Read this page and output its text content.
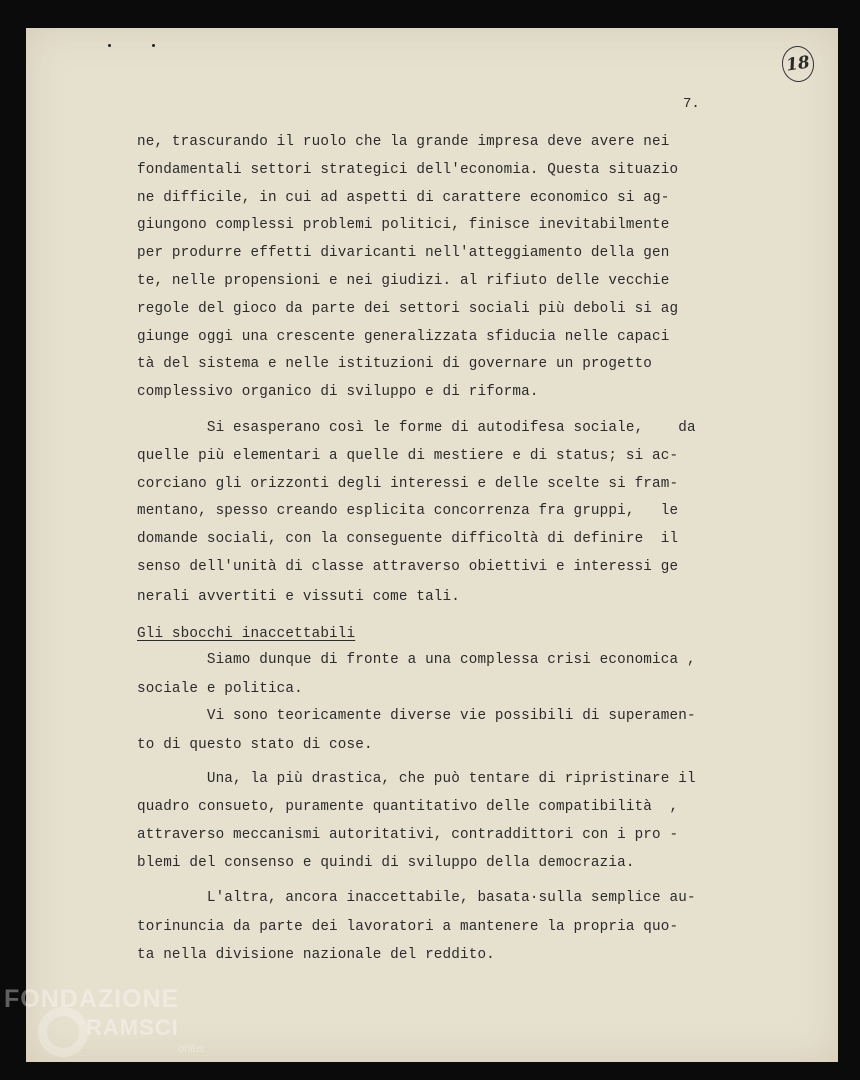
18
7.
ne, trascurando il ruolo che la grande impresa deve avere nei
fondamentali settori strategici dell'economia. Questa situazio
ne difficile, in cui ad aspetti di carattere economico si ag-
giungono complessi problemi politici, finisce inevitabilmente
per produrre effetti divaricanti nell'atteggiamento della gen
te, nelle propensioni e nei giudizi. al rifiuto delle vecchie
regole del gioco da parte dei settori sociali più deboli si ag
giunge oggi una crescente generalizzata sfiducia nelle capaci
tà del sistema e nelle istituzioni di governare un progetto
complessivo organico di sviluppo e di riforma.
Si esasperano così le forme di autodifesa sociale,    da
quelle più elementari a quelle di mestiere e di status; si ac-
corciano gli orizzonti degli interessi e delle scelte si fram-
mentano, spesso creando esplicita concorrenza fra gruppi,   le
domande sociali, con la conseguente difficoltà di definire  il
senso dell'unità di classe attraverso obiettivi e interessi ge
nerali avvertiti e vissuti come tali.
Gli sbocchi inaccettabili
Siamo dunque di fronte a una complessa crisi economica ,
sociale e politica.
Vi sono teoricamente diverse vie possibili di superamen-
to di questo stato di cose.
Una, la più drastica, che può tentare di ripristinare il
quadro consueto, puramente quantitativo delle compatibilità  ,
attraverso meccanismi autoritativi, contraddittori con i pro -
blemi del consenso e quindi di sviluppo della democrazia.
L'altra, ancora inaccettabile, basata·sulla semplice au-
torinuncia da parte dei lavoratori a mantenere la propria quo-
ta nella divisione nazionale del reddito.
FONDAZIONE
RAMSCI
onlus
